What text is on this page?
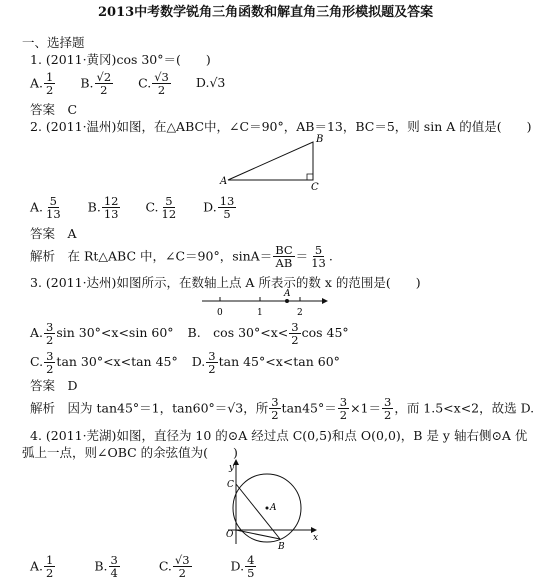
2013中考数学锐角三角函数和解直角三角形模拟题及答案
一、选择题
1. (2011·黄冈)cos 30°＝(　　)
A. $\frac{1}{2} B$. $\frac{√2}{2} C$. $\frac{√3}{2} D.√3$
答案　C
2. (2011·温州)如图，在△ABC中，∠C＝90°，AB＝13，BC＝5，则 sin A 的值是(　　)
A
B
C
A. $\frac{5}{13} B$. $\frac{12}{13} C$. $\frac{5}{12} D$. $\frac{13}{5}$
答案　A
解析　在 Rt△ABC 中，∠C＝90°，$\sin A= \frac{BC}{AB} = \frac{5}{13}$ .
3. (2011·达州)如图所示，在数轴上点 A 所表示的数 x 的范围是(　　)
A
0	1	2
A. $\frac{3}{2}$ sin 30°<x<sin 60° B.　$\cos 30^\circ<x< \frac{3}{2}$ cos 45°
C. $\frac{3}{2}$ tan 30°<x<tan 45° D. $\frac{3}{2}$ tan 45°<x<tan 60°
答案　D
解析　因为 tan45°＝1，tan60°＝√3，所 $\frac{3}{2} \tan 45^\circ= \frac{3}{2} \times 1= \frac{3}{2}$ ，而 1.5<x<2，故选 D.
4. (2011·芜湖)如图，直径为 10 的⊙A 经过点 C(0,5)和点 O(0,0)，B 是 y 轴右侧⊙A 优
弧上一点，则∠OBC 的余弦值为(　　)
y
x
C
A
O
B
A. $\frac{1}{2}$	B. $\frac{3}{4}$	C. $\frac{√3}{2}$	D. $\frac{4}{5}$
